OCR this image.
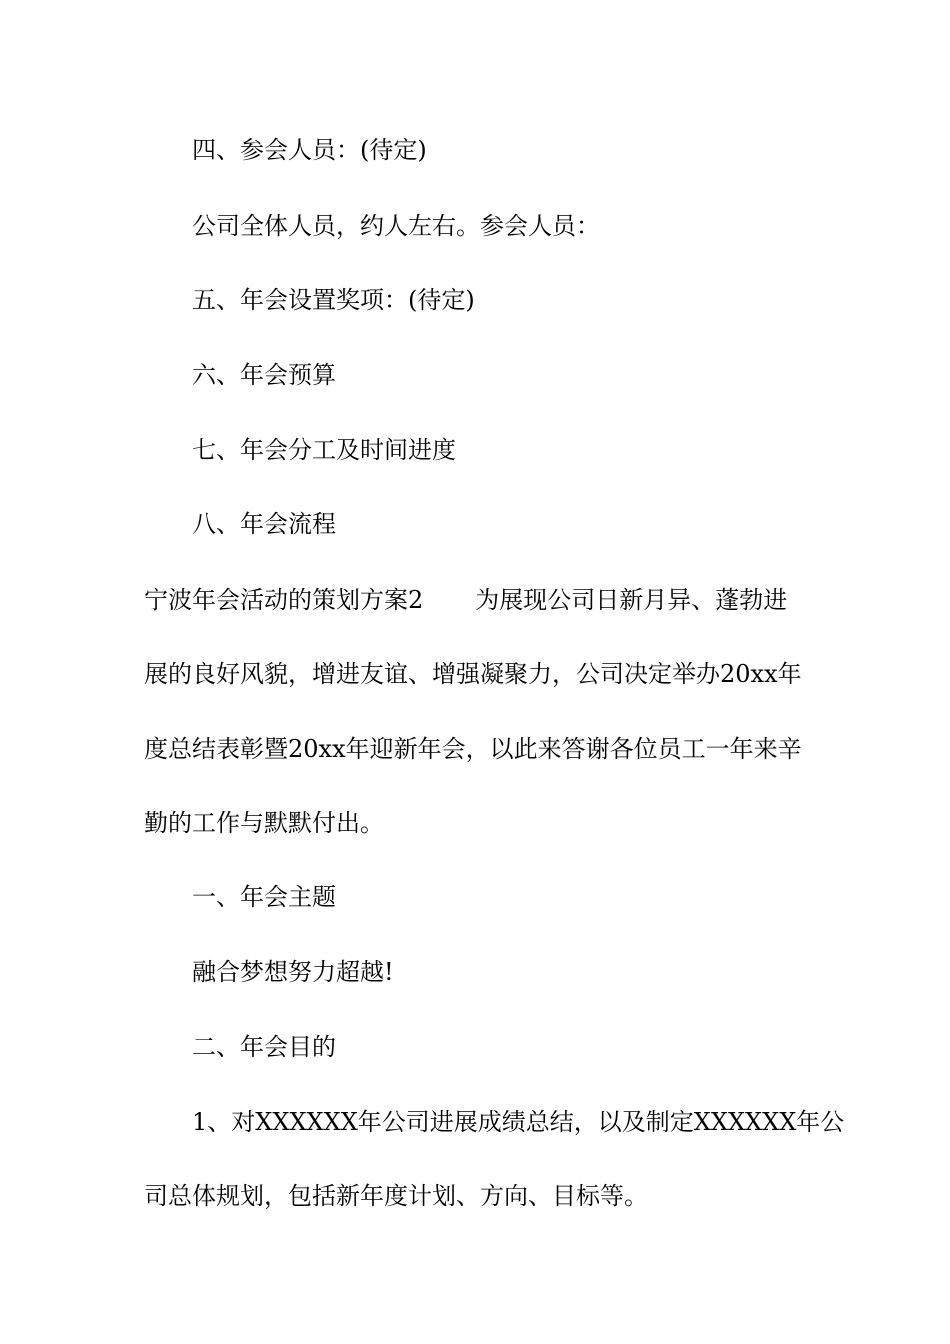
四、参会人员：(待定)
公司全体人员，约人左右。参会人员：
五、年会设置奖项：(待定)
六、年会预算
七、年会分工及时间进度
八、年会流程
宁波年会活动的策划方案2 为展现公司日新月异、蓬勃进
展的良好风貌，增进友谊、增强凝聚力，公司决定举办20xx年
度总结表彰暨20xx年迎新年会，以此来答谢各位员工一年来辛
勤的工作与默默付出。
一、年会主题
融合梦想努力超越!
二、年会目的
1、对XXXXXX年公司进展成绩总结，以及制定XXXXXX年公
司总体规划，包括新年度计划、方向、目标等。
